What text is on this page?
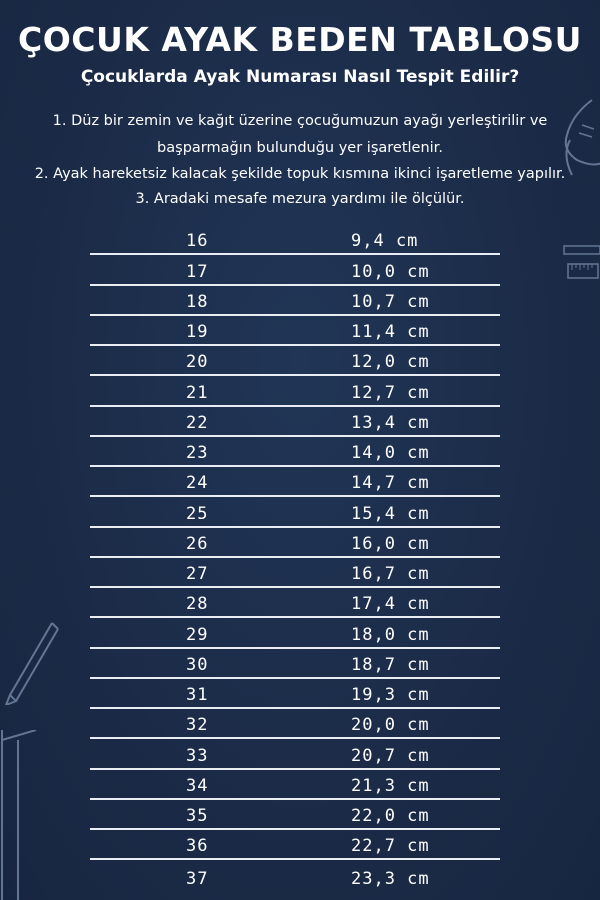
ÇOCUK AYAK BEDEN TABLOSU
Çocuklarda Ayak Numarası Nasıl Tespit Edilir?

1. Düz bir zemin ve kağıt üzerine çocuğumuzun ayağı yerleştirilir ve

başparmağın bulunduğu yer işaretlenir.

2. Ayak hareketsiz kalacak şekilde topuk kısmına ikinci işaretleme yapılır.

3. Aradaki mesafe mezura yardımı ile ölçülür.

16	9,4 cm
17	10,0 cm
18	10,7 cm
19	11,4 cm
20	12,0 cm
21	12,7 cm
22	13,4 cm
23	14,0 cm
24	14,7 cm
25	15,4 cm
26	16,0 cm
27	16,7 cm
28	17,4 cm
29	18,0 cm
30	18,7 cm
31	19,3 cm
32	20,0 cm
33	20,7 cm
34	21,3 cm
35	22,0 cm
36	22,7 cm
37	23,3 cm
